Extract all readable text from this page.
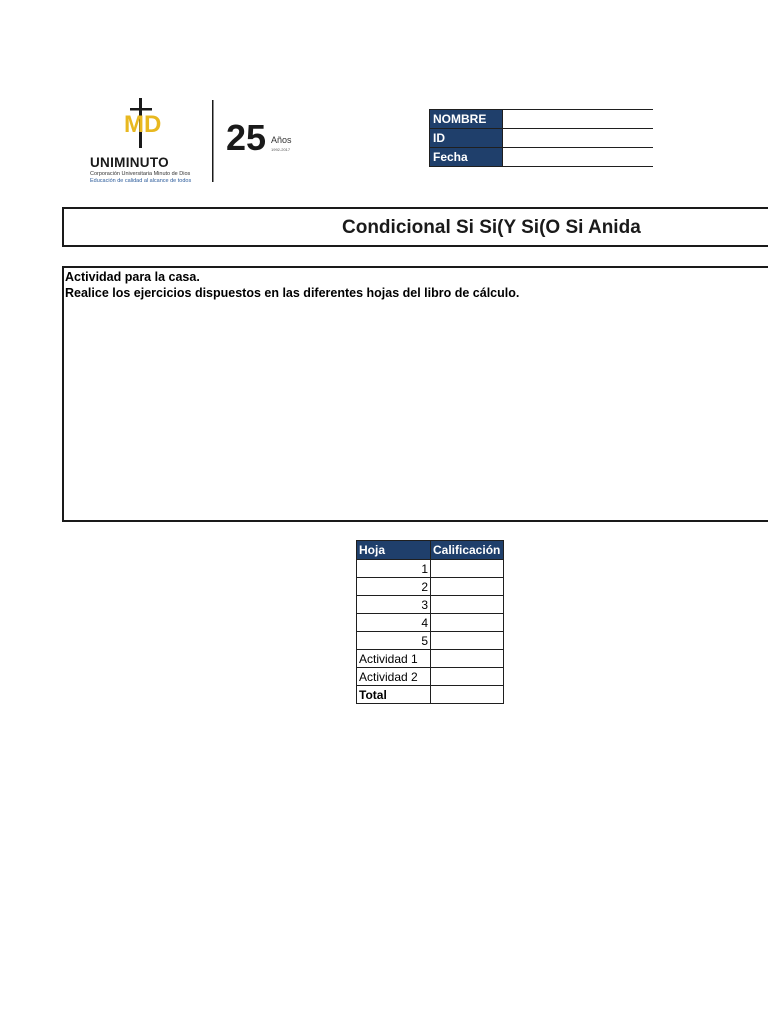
MD 25
UNIMINUTO
Corporación Universitaria Minuto de Dios
Educación de calidad al alcance de todos
Años
1992-2017
NOMBRE	
ID	
Fecha	
Condicional Si Si(Y Si(O Si Anida
Actividad para la casa.
Realice los ejercicios dispuestos en las diferentes hojas del libro de cálculo.
Hoja	Calificación
1	
2	
3	
4	
5	
Actividad 1	
Actividad 2	
Total	
